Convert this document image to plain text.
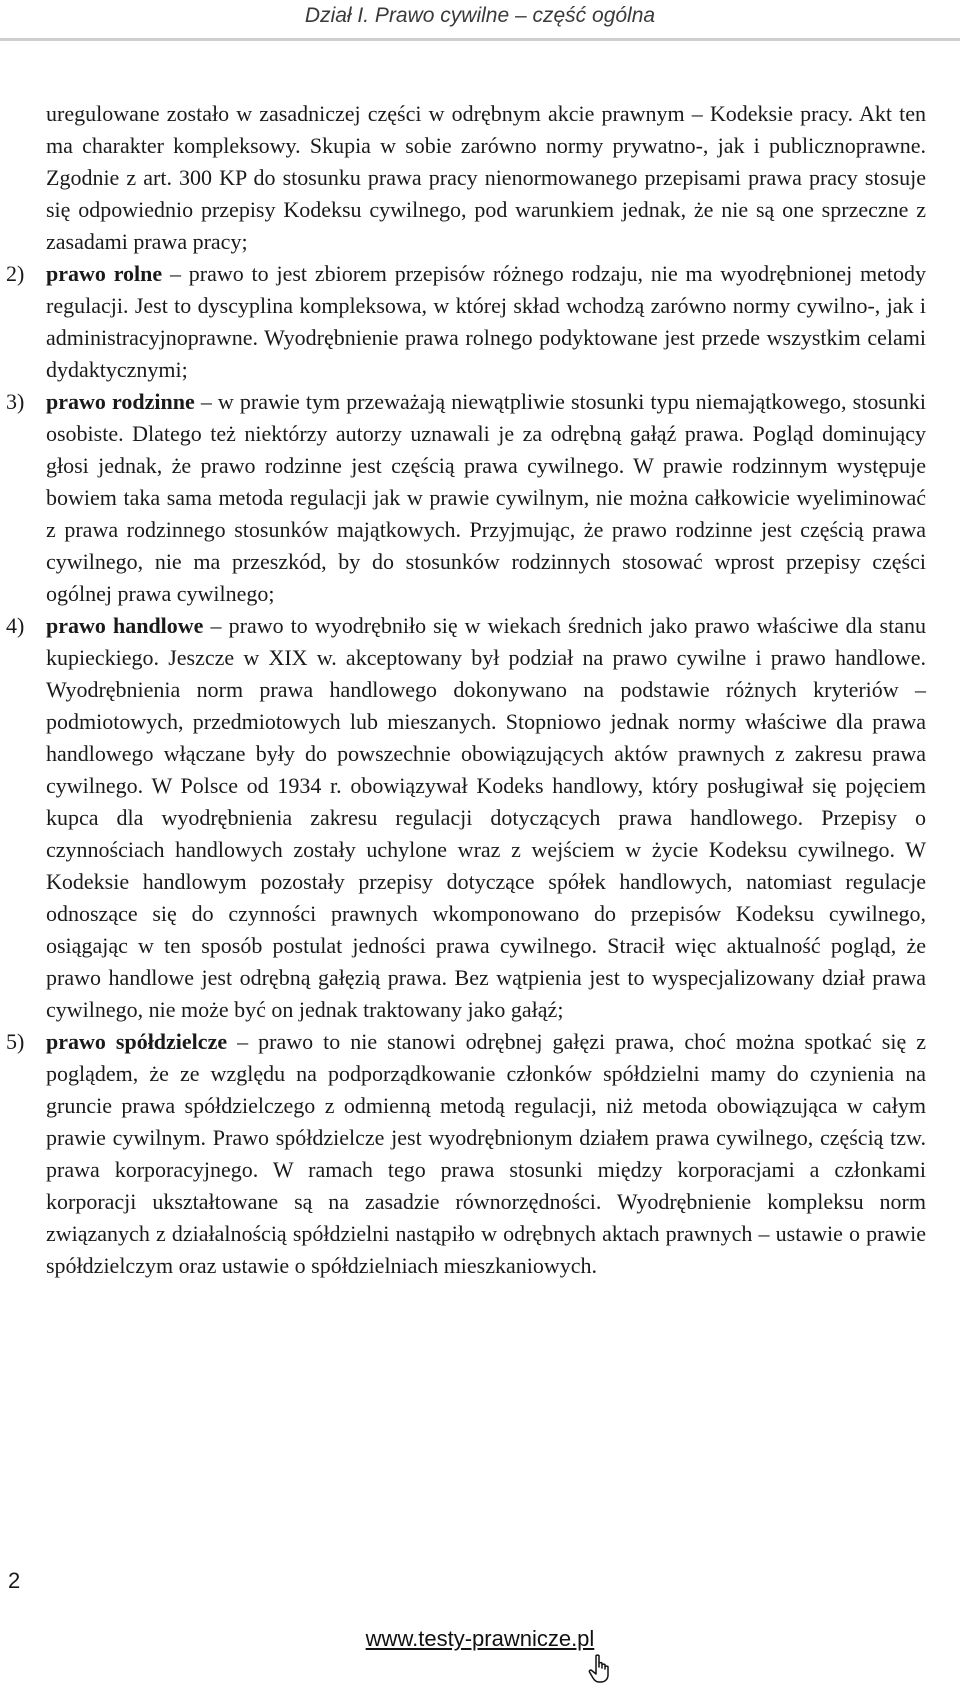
Dział I. Prawo cywilne – część ogólna

uregulowane zostało w zasadniczej części w odrębnym akcie prawnym – Kodeksie pracy. Akt ten ma charakter kompleksowy. Skupia w sobie zarówno normy prywatno-, jak i publicznoprawne. Zgodnie z art. 300 KP do stosunku prawa pracy nienormowanego przepisami prawa pracy stosuje się odpowiednio przepisy Kodeksu cywilnego, pod warunkiem jednak, że nie są one sprzeczne z zasadami prawa pracy;

2) prawo rolne – prawo to jest zbiorem przepisów różnego rodzaju, nie ma wyodrębnionej metody regulacji. Jest to dyscyplina kompleksowa, w której skład wchodzą zarówno normy cywilno-, jak i administracyjnoprawne. Wyodrębnienie prawa rolnego podyktowane jest przede wszystkim celami dydaktycznymi;
3) prawo rodzinne – w prawie tym przeważają niewątpliwie stosunki typu niemajątkowego, stosunki osobiste. Dlatego też niektórzy autorzy uznawali je za odrębną gałąź prawa. Pogląd dominujący głosi jednak, że prawo rodzinne jest częścią prawa cywilnego. W prawie rodzinnym występuje bowiem taka sama metoda regulacji jak w prawie cywilnym, nie można całkowicie wyeliminować z prawa rodzinnego stosunków majątkowych. Przyjmując, że prawo rodzinne jest częścią prawa cywilnego, nie ma przeszkód, by do stosunków rodzinnych stosować wprost przepisy części ogólnej prawa cywilnego;
4) prawo handlowe – prawo to wyodrębniło się w wiekach średnich jako prawo właściwe dla stanu kupieckiego. Jeszcze w XIX w. akceptowany był podział na prawo cywilne i prawo handlowe. Wyodrębnienia norm prawa handlowego dokonywano na podstawie różnych kryteriów – podmiotowych, przedmiotowych lub mieszanych. Stopniowo jednak normy właściwe dla prawa handlowego włączane były do powszechnie obowiązujących aktów prawnych z zakresu prawa cywilnego. W Polsce od 1934 r. obowiązywał Kodeks handlowy, który posługiwał się pojęciem kupca dla wyodrębnienia zakresu regulacji dotyczących prawa handlowego. Przepisy o czynnościach handlowych zostały uchylone wraz z wejściem w życie Kodeksu cywilnego. W Kodeksie handlowym pozostały przepisy dotyczące spółek handlowych, natomiast regulacje odnoszące się do czynności prawnych wkomponowano do przepisów Kodeksu cywilnego, osiągając w ten sposób postulat jedności prawa cywilnego. Stracił więc aktualność pogląd, że prawo handlowe jest odrębną gałęzią prawa. Bez wątpienia jest to wyspecjalizowany dział prawa cywilnego, nie może być on jednak traktowany jako gałąź;
5) prawo spółdzielcze – prawo to nie stanowi odrębnej gałęzi prawa, choć można spotkać się z poglądem, że ze względu na podporządkowanie członków spółdzielni mamy do czynienia na gruncie prawa spółdzielczego z odmienną metodą regulacji, niż metoda obowiązująca w całym prawie cywilnym. Prawo spółdzielcze jest wyodrębnionym działem prawa cywilnego, częścią tzw. prawa korporacyjnego. W ramach tego prawa stosunki między korporacjami a członkami korporacji ukształtowane są na zasadzie równorzędności. Wyodrębnienie kompleksu norm związanych z działalnością spółdzielni nastąpiło w odrębnych aktach prawnych – ustawie o prawie spółdzielczym oraz ustawie o spółdzielniach mieszkaniowych.
2
www.testy-prawnicze.pl
